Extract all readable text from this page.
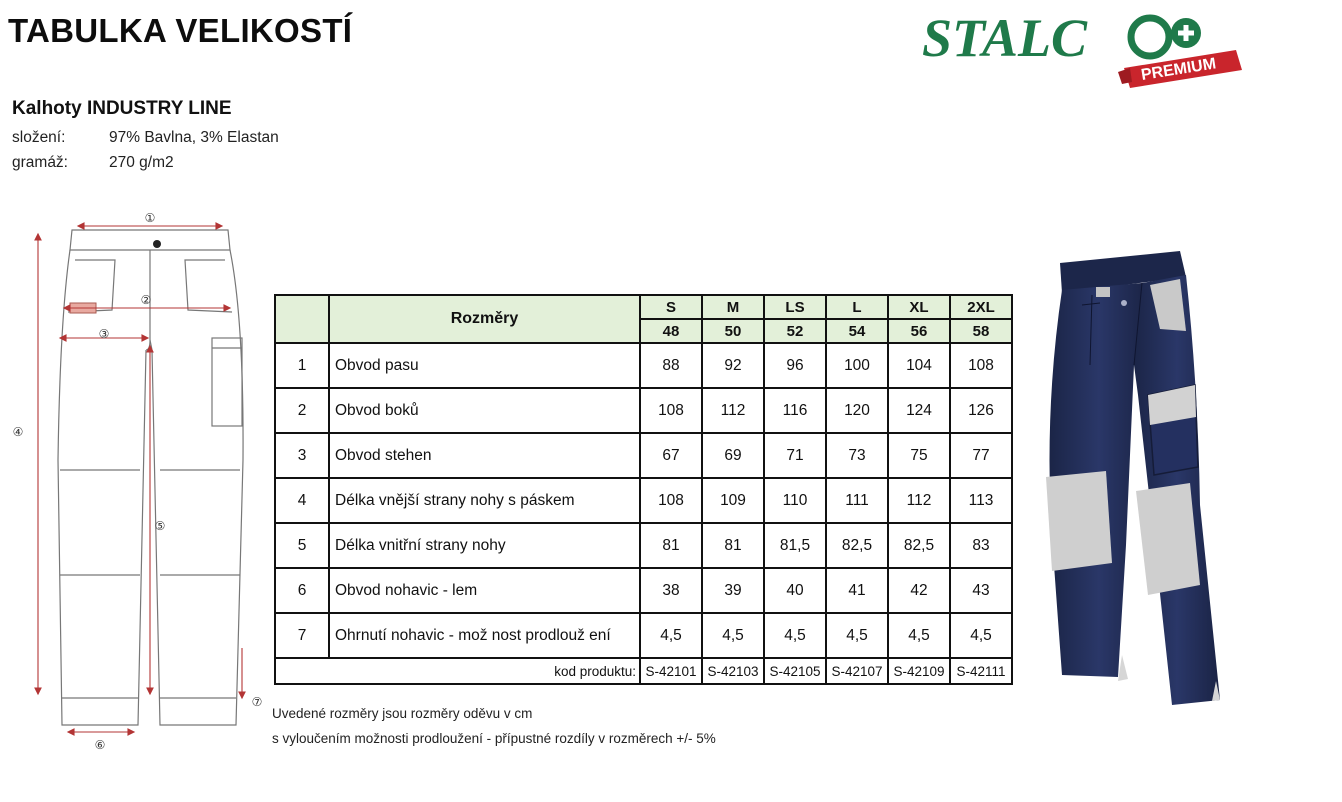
TABULKA VELIKOSTÍ	STALC
PREMIUM
Kalhoty INDUSTRY LINE
složení:	97% Bavlna, 3% Elastan
gramáž:	270 g/m2
①
②
③
④
⑤
⑥
⑦
	Rozměry	S	M	LS	L	XL	2XL
		48	50	52	54	56	58
1	Obvod pasu	88	92	96	100	104	108
2	Obvod boků	108	112	116	120	124	126
3	Obvod stehen	67	69	71	73	75	77
4	Délka vnější strany nohy s páskem	108	109	110	111	112	113
5	Délka vnitřní strany nohy	81	81	81,5	82,5	82,5	83
6	Obvod nohavic - lem	38	39	40	41	42	43
7	Ohrnutí nohavic - mož nost prodlouž ení	4,5	4,5	4,5	4,5	4,5	4,5
kod produktu:		S-42101	S-42103	S-42105	S-42107	S-42109	S-42111
Uvedené rozměry jsou rozměry oděvu v cm
s vyloučením možnosti prodloužení - přípustné rozdíly v rozměrech +/- 5%
